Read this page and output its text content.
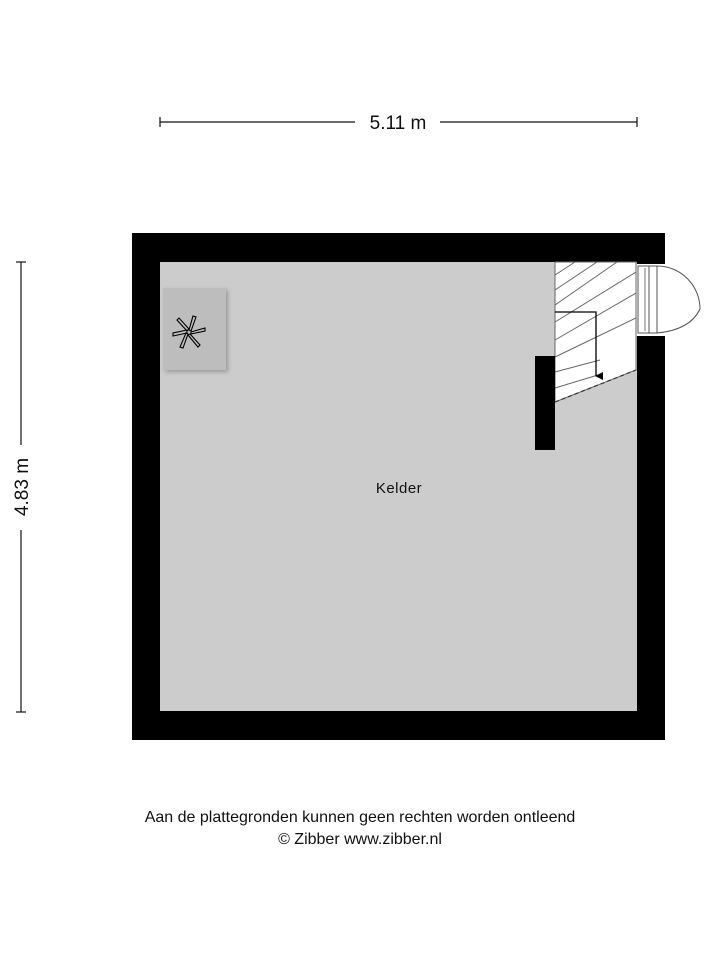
5.11 m
4.83 m	Kelder
Aan de plattegronden kunnen geen rechten worden ontleend
© Zibber www.zibber.nl
